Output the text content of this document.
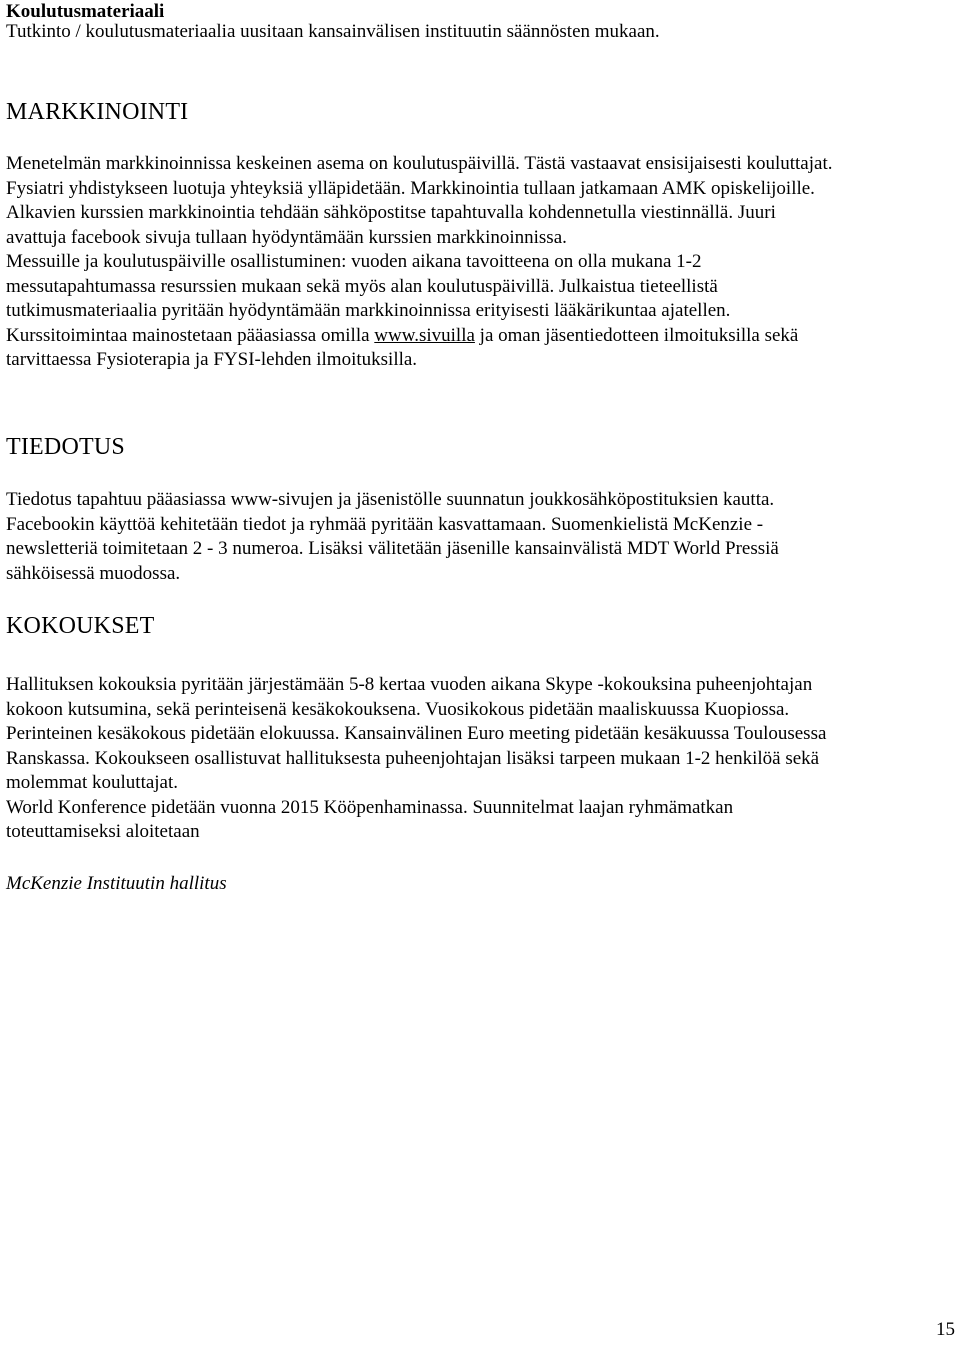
Koulutusmateriaali

Tutkinto / koulutusmateriaalia uusitaan kansainvälisen instituutin säännösten mukaan.

MARKKINOINTI

Menetelmän markkinoinnissa keskeinen asema on koulutuspäivillä. Tästä vastaavat ensisijaisesti kouluttajat.

Fysiatri yhdistykseen luotuja yhteyksiä ylläpidetään. Markkinointia tullaan jatkamaan AMK opiskelijoille.

Alkavien kurssien markkinointia tehdään sähköpostitse tapahtuvalla kohdennetulla viestinnällä. Juuri

avattuja facebook sivuja tullaan hyödyntämään kurssien markkinoinnissa.

Messuille ja koulutuspäiville osallistuminen: vuoden aikana tavoitteena on olla mukana 1-2

messutapahtumassa resurssien mukaan sekä myös alan koulutuspäivillä. Julkaistua tieteellistä

tutkimusmateriaalia pyritään hyödyntämään markkinoinnissa erityisesti lääkärikuntaa ajatellen.

Kurssitoimintaa mainostetaan pääasiassa omilla www.sivuilla ja oman jäsentiedotteen ilmoituksilla sekä

tarvittaessa Fysioterapia ja FYSI-lehden ilmoituksilla.

TIEDOTUS

Tiedotus tapahtuu pääasiassa www-sivujen ja jäsenistölle suunnatun joukkosähköpostituksien kautta.

Facebookin käyttöä kehitetään tiedot ja ryhmää pyritään kasvattamaan. Suomenkielistä McKenzie -

newsletteriä toimitetaan 2 - 3 numeroa. Lisäksi välitetään jäsenille kansainvälistä MDT World Pressiä

sähköisessä muodossa.

KOKOUKSET

Hallituksen kokouksia pyritään järjestämään 5-8 kertaa vuoden aikana Skype -kokouksina puheenjohtajan

kokoon kutsumina, sekä perinteisenä kesäkokouksena. Vuosikokous pidetään maaliskuussa Kuopiossa.

Perinteinen kesäkokous pidetään elokuussa. Kansainvälinen Euro meeting pidetään kesäkuussa Toulousessa

Ranskassa. Kokoukseen osallistuvat hallituksesta puheenjohtajan lisäksi tarpeen mukaan 1-2 henkilöä sekä

molemmat kouluttajat.

World Konference pidetään vuonna 2015 Kööpenhaminassa. Suunnitelmat laajan ryhmämatkan

toteuttamiseksi aloitetaan

McKenzie Instituutin hallitus
15
